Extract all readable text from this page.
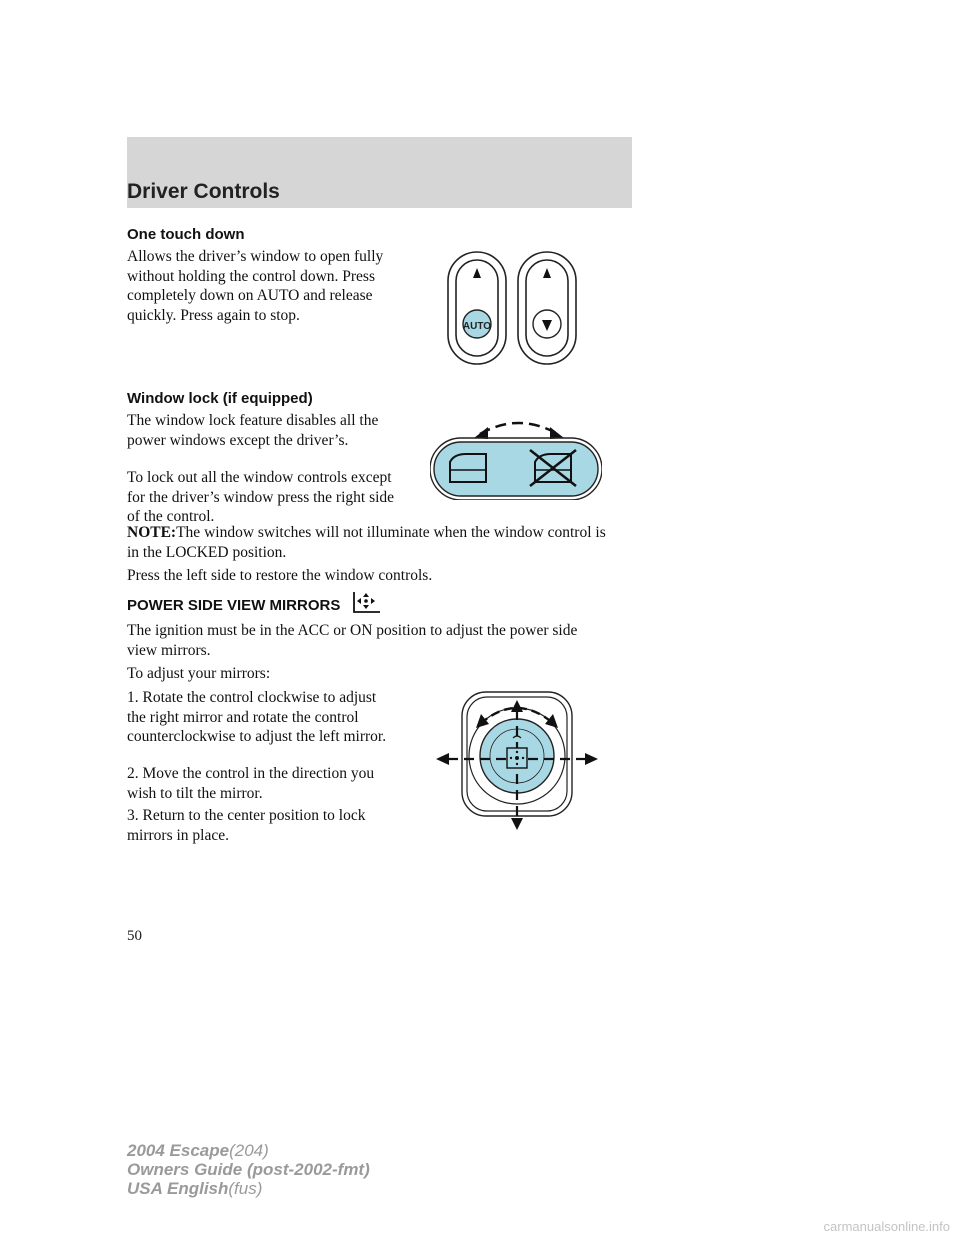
Driver Controls
One touch down
Allows the driver’s window to open fully without holding the control down. Press completely down on AUTO and release quickly. Press again to stop.
AUTO
Window lock (if equipped)
The window lock feature disables all the power windows except the driver’s.
To lock out all the window controls except for the driver’s window press the right side of the control.
NOTE:The window switches will not illuminate when the window control is in the LOCKED position.
Press the left side to restore the window controls.
POWER SIDE VIEW MIRRORS
The ignition must be in the ACC or ON position to adjust the power side view mirrors.
To adjust your mirrors:
1. Rotate the control clockwise to adjust the right mirror and rotate the control counterclockwise to adjust the left mirror.
2. Move the control in the direction you wish to tilt the mirror.
3. Return to the center position to lock mirrors in place.
50
2004 Escape(204)
Owners Guide (post-2002-fmt)
USA English(fus)
carmanualsonline.info
